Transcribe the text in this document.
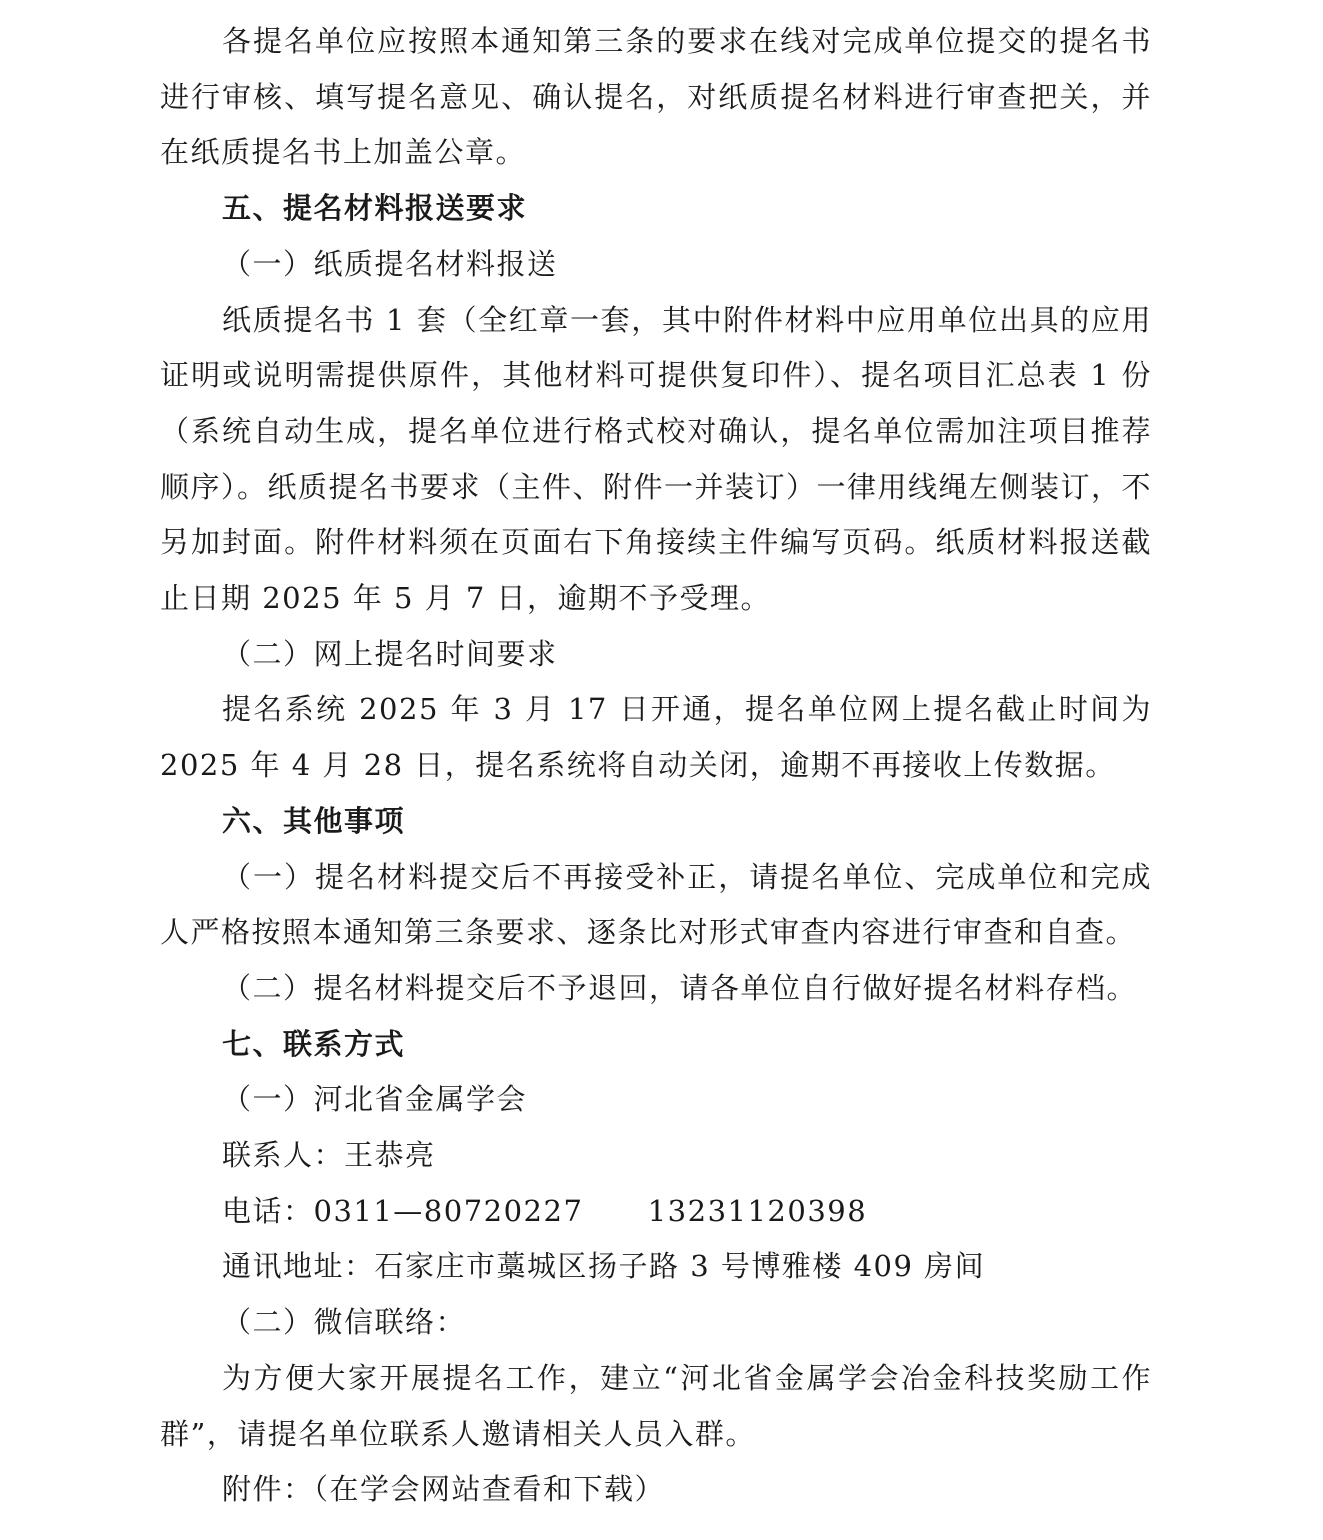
各提名单位应按照本通知第三条的要求在线对完成单位提交的提名书进行审核、填写提名意见、确认提名，对纸质提名材料进行审查把关，并在纸质提名书上加盖公章。

五、提名材料报送要求

（一）纸质提名材料报送

纸质提名书 1 套（全红章一套，其中附件材料中应用单位出具的应用证明或说明需提供原件，其他材料可提供复印件）、提名项目汇总表 1 份（系统自动生成，提名单位进行格式校对确认，提名单位需加注项目推荐顺序）。纸质提名书要求（主件、附件一并装订）一律用线绳左侧装订，不另加封面。附件材料须在页面右下角接续主件编写页码。纸质材料报送截止日期 2025 年 5 月 7 日，逾期不予受理。

（二）网上提名时间要求

提名系统 2025 年 3 月 17 日开通，提名单位网上提名截止时间为 2025 年 4 月 28 日，提名系统将自动关闭，逾期不再接收上传数据。

六、其他事项

（一）提名材料提交后不再接受补正，请提名单位、完成单位和完成人严格按照本通知第三条要求、逐条比对形式审查内容进行审查和自查。

（二）提名材料提交后不予退回，请各单位自行做好提名材料存档。

七、联系方式

（一）河北省金属学会

联系人：王恭亮

电话：0311—80720227      13231120398

通讯地址：石家庄市藁城区扬子路 3 号博雅楼 409 房间

（二）微信联络：

为方便大家开展提名工作，建立“河北省金属学会冶金科技奖励工作群”，请提名单位联系人邀请相关人员入群。

附件：（在学会网站查看和下载）
